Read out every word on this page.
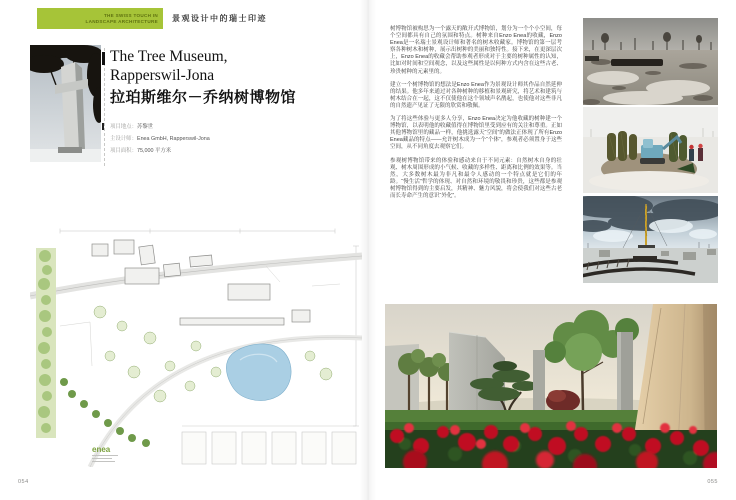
THE SWISS TOUCH IN
LANDSCAPE ARCHITECTURE 景观设计中的瑞士印迹
The Tree Museum,
Rapperswil-Jona
拉珀斯维尔－乔纳树博物馆
项目地点：苏黎世
主设计师：Enea GmbH, Rapperswil-Jona
项目面积：75,000 平方米
enea

树博物馆被构思为一个露天的敞开式博物馆，划分为一个个小空间，每个空间都具有自己的氛围和特点。树种来自Enzo Enea的收藏，Enzo Enea是一名瑞士景观设计师和著名的树木收藏家。博物馆的第一层考察各种树木和树种，展示出树种的美丽和独特性。接下来，在更深层次上，Enzo Enea的收藏会帮助参观者形成对于主要的树种属性的认知，比如对时间和空间观念，以及这些属性是以何种方式内含在这些古老、珍贵树种的元素里的。

建立一个树博物馆的想法是Enzo Enea作为景观设计师其作品自然延伸的结果。他多年来通过对各种树种的移植和景观研究，将艺术和建筑与树木结合在一起，这不仅使他在这个领域声名鹊起，也使他对这些非凡的自然遗产见证了无限的欣赏和敬佩。

为了将这些体验与更多人分享，Enzo Enea决定为他收藏的树种建一个博物馆，以表明他的收藏值得在博物馆里受到应有的关注和尊重。正如其他博物馆里的藏品一样，他挑选露天“空间”的做法正体现了所有Enzo Enea藏品的特点——允许树木成为一个“个体”，参观者必须置身于这些空间，从不同角度去观察它们。

参观树博物馆带来的体验和感动来自于不同元素：自然树木自身的壮观、树木周围形成的小气候、收藏的多样性、距离和比例的效果等。当然，大多数树木最为非凡和最令人感动的一个特点就是它们的年龄。“慢生活”哲学的体现、对自然和环境的敬畏和珍贵，这些都是参观树博物馆得到的主要启发，其精神、魅力风貌，将会使我们对这些古老而长寿命产生的意识“外化”。

054	055
